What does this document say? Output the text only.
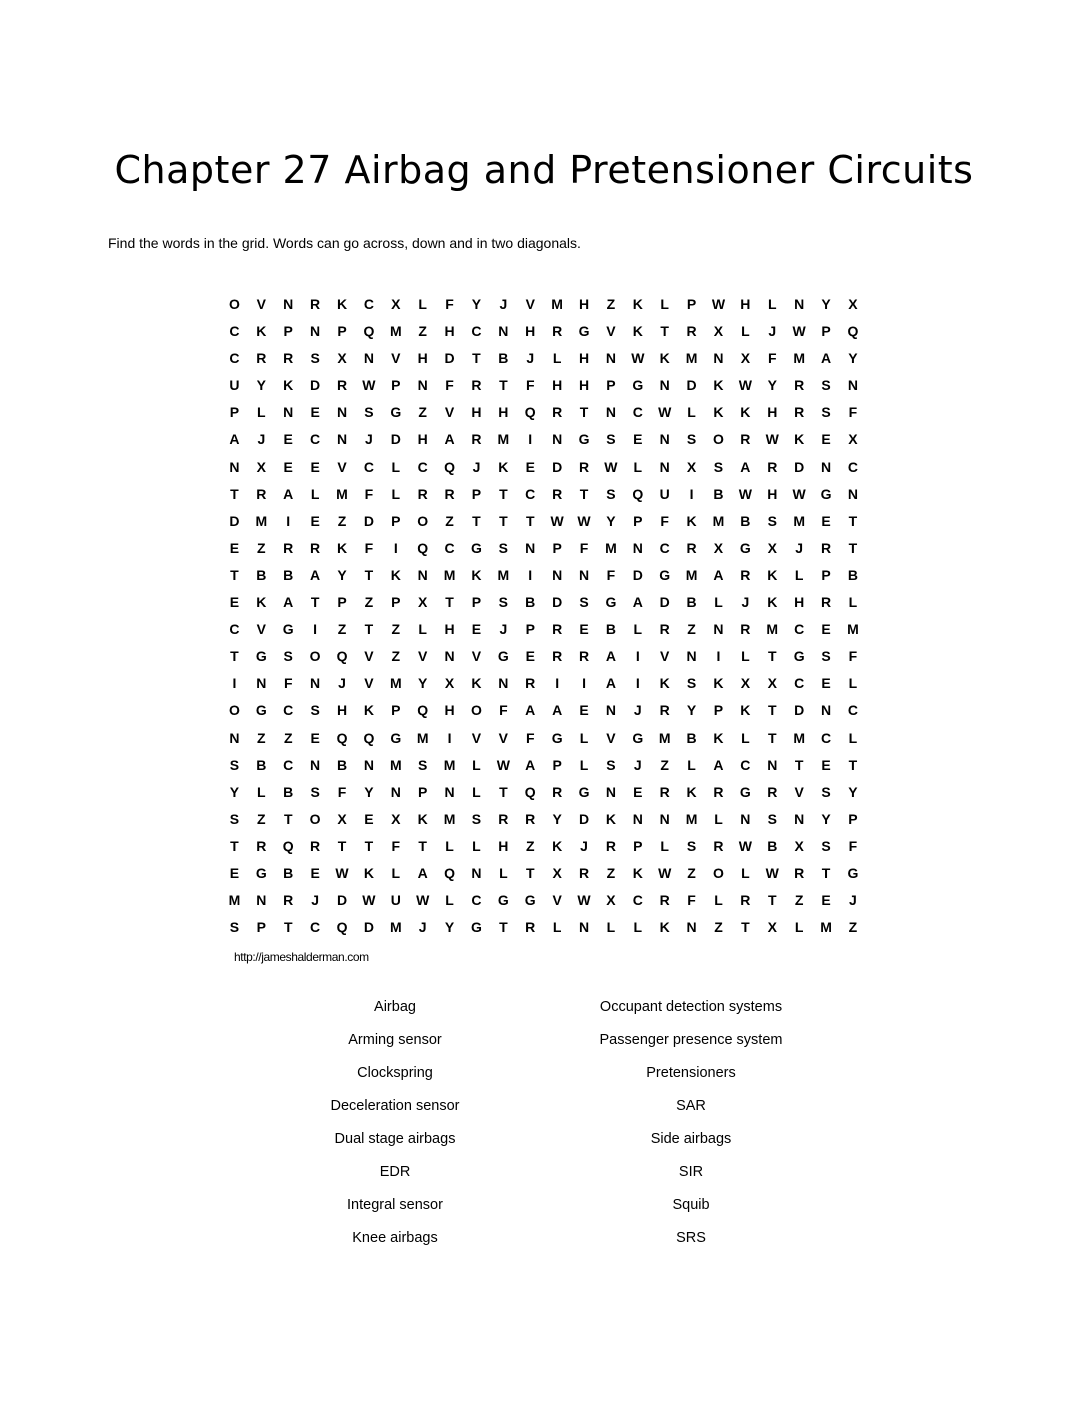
Chapter 27 Airbag and Pretensioner Circuits
Find the words in the grid. Words can go across, down and in two diagonals.
O	V	N	R	K	C	X	L	F	Y	J	V	M	H	Z	K	L	P	W	H	L	N	Y	X
C	K	P	N	P	Q	M	Z	H	C	N	H	R	G	V	K	T	R	X	L	J	W	P	Q
C	R	R	S	X	N	V	H	D	T	B	J	L	H	N	W	K	M	N	X	F	M	A	Y
U	Y	K	D	R	W	P	N	F	R	T	F	H	H	P	G	N	D	K	W	Y	R	S	N
P	L	N	E	N	S	G	Z	V	H	H	Q	R	T	N	C	W	L	K	K	H	R	S	F
A	J	E	C	N	J	D	H	A	R	M	I	N	G	S	E	N	S	O	R	W	K	E	X
N	X	E	E	V	C	L	C	Q	J	K	E	D	R	W	L	N	X	S	A	R	D	N	C
T	R	A	L	M	F	L	R	R	P	T	C	R	T	S	Q	U	I	B	W	H	W	G	N
D	M	I	E	Z	D	P	O	Z	T	T	T	W W	Y	P	F	K	M	B	S	M	E	T
E	Z	R	R	K	F	I	Q	C	G	S	N	P	F	M	N	C	R	X	G	X	J	R	T
T	B	B	A	Y	T	K	N	M	K	M	I	N	N	F	D	G	M	A	R	K	L	P	B
E	K	A	T	P	Z	P	X	T	P	S	B	D	S	G	A	D	B	L	J	K	H	R	L
C	V	G	I	Z	T	Z	L	H	E	J	P	R	E	B	L	R	Z	N	R	M	C	E	M
T	G	S	O	Q	V	Z	V	N	V	G	E	R	R	A	I	V	N	I	L	T	G	S	F
I	N	F	N	J	V	M	Y	X	K	N	R	I	I	A	I	K	S	K	X	X	C	E	L
O	G	C	S	H	K	P	Q	H	O	F	A	A	E	N	J	R	Y	P	K	T	D	N	C
N	Z	Z	E	Q	Q	G	M	I	V	V	F	G	L	V	G	M	B	K	L	T	M	C	L
S	B	C	N	B	N	M	S	M	L	W	A	P	L	S	J	Z	L	A	C	N	T	E	T
Y	L	B	S	F	Y	N	P	N	L	T	Q	R	G	N	E	R	K	R	G	R	V	S	Y
S	Z	T	O	X	E	X	K	M	S	R	R	Y	D	K	N	N	M	L	N	S	N	Y	P
T	R	Q	R	T	T	F	T	L	L	H	Z	K	J	R	P	L	S	R	W	B	X	S	F
E	G	B	E	W	K	L	A	Q	N	L	T	X	R	Z	K	W	Z	O	L	W	R	T	G
M	N	R	J	D	W	U	W	L	C	G	G	V	W	X	C	R	F	L	R	T	Z	E	J
S	P	T	C	Q	D	M	J	Y	G	T	R	L	N	L	L	K	N	Z	T	X	L	M	Z
http://jameshalderman.com
Airbag
Arming sensor
Clockspring
Deceleration sensor
Dual stage airbags
EDR
Integral sensor
Knee airbags
Occupant detection systems
Passenger presence system
Pretensioners
SAR
Side airbags
SIR
Squib
SRS
